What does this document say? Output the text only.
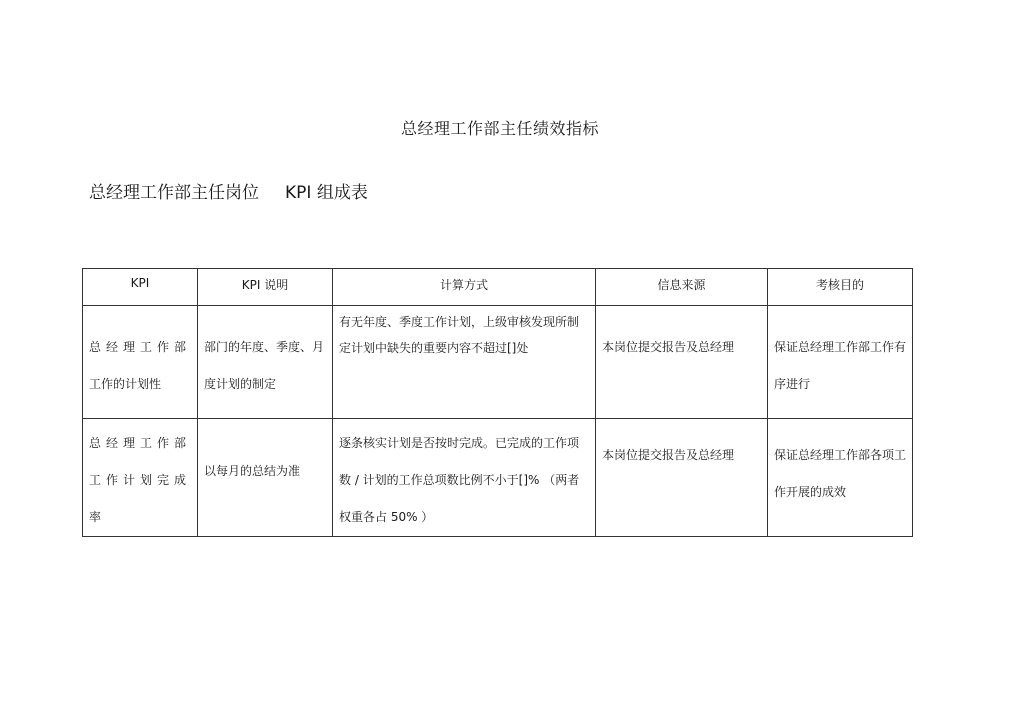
总经理工作部主任绩效指标
总经理工作部主任岗位 KPI 组成表
KPI	KPI 说明	计算方式	信息来源	考核目的

总经理工作部
工作的计划性	部门的年度、季度、月度计划的制定	有无年度、季度工作计划，上级审核发现所制定计划中缺失的重要内容不超过[]处	本岗位提交报告及总经理	保证总经理工作部工作有序进行

总经理工作部
工作计划完成
率	以每月的总结为准	逐条核实计划是否按时完成。已完成的工作项数 / 计划的工作总项数比例不小于[]% （两者权重各占 50% ）	本岗位提交报告及总经理	保证总经理工作部各项工作开展的成效
